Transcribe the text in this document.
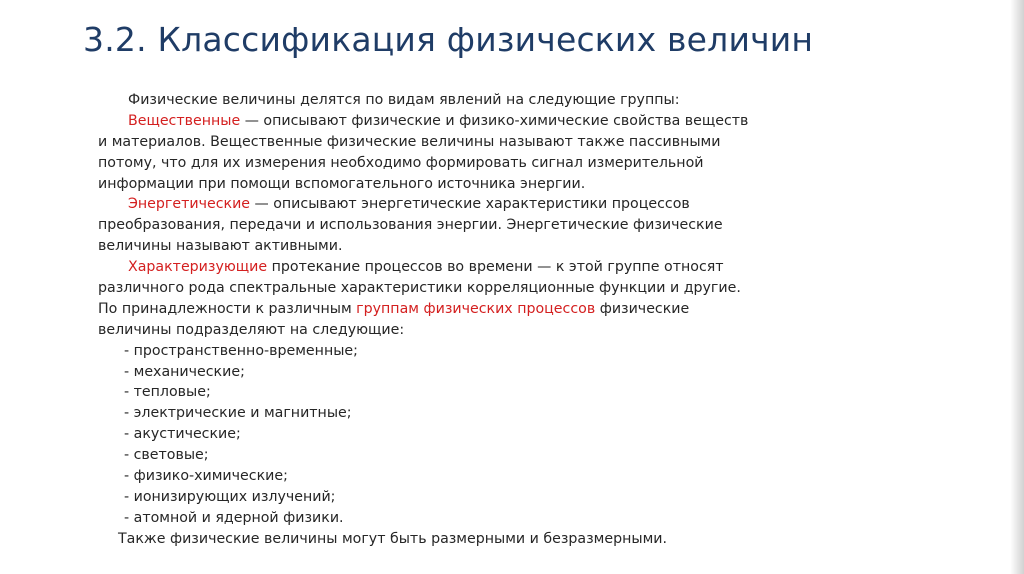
3.2. Классификация физических величин
Физические величины делятся по видам явлений на следующие группы:
Вещественные — описывают физические и физико-химические свойства веществ
и материалов. Вещественные физические величины называют также пассивными
потому, что для их измерения необходимо формировать сигнал измерительной
информации при помощи вспомогательного источника энергии.
Энергетические — описывают энергетические характеристики процессов
преобразования, передачи и использования энергии. Энергетические физические
величины называют активными.
Характеризующие протекание процессов во времени — к этой группе относят
различного рода спектральные характеристики корреляционные функции и другие.
По принадлежности к различным группам физических процессов физические
величины подразделяют на следующие:
- пространственно-временные;
- механические;
- тепловые;
- электрические и магнитные;
- акустические;
- световые;
- физико-химические;
- ионизирующих излучений;
- атомной и ядерной физики.
Также физические величины могут быть размерными и безразмерными.
